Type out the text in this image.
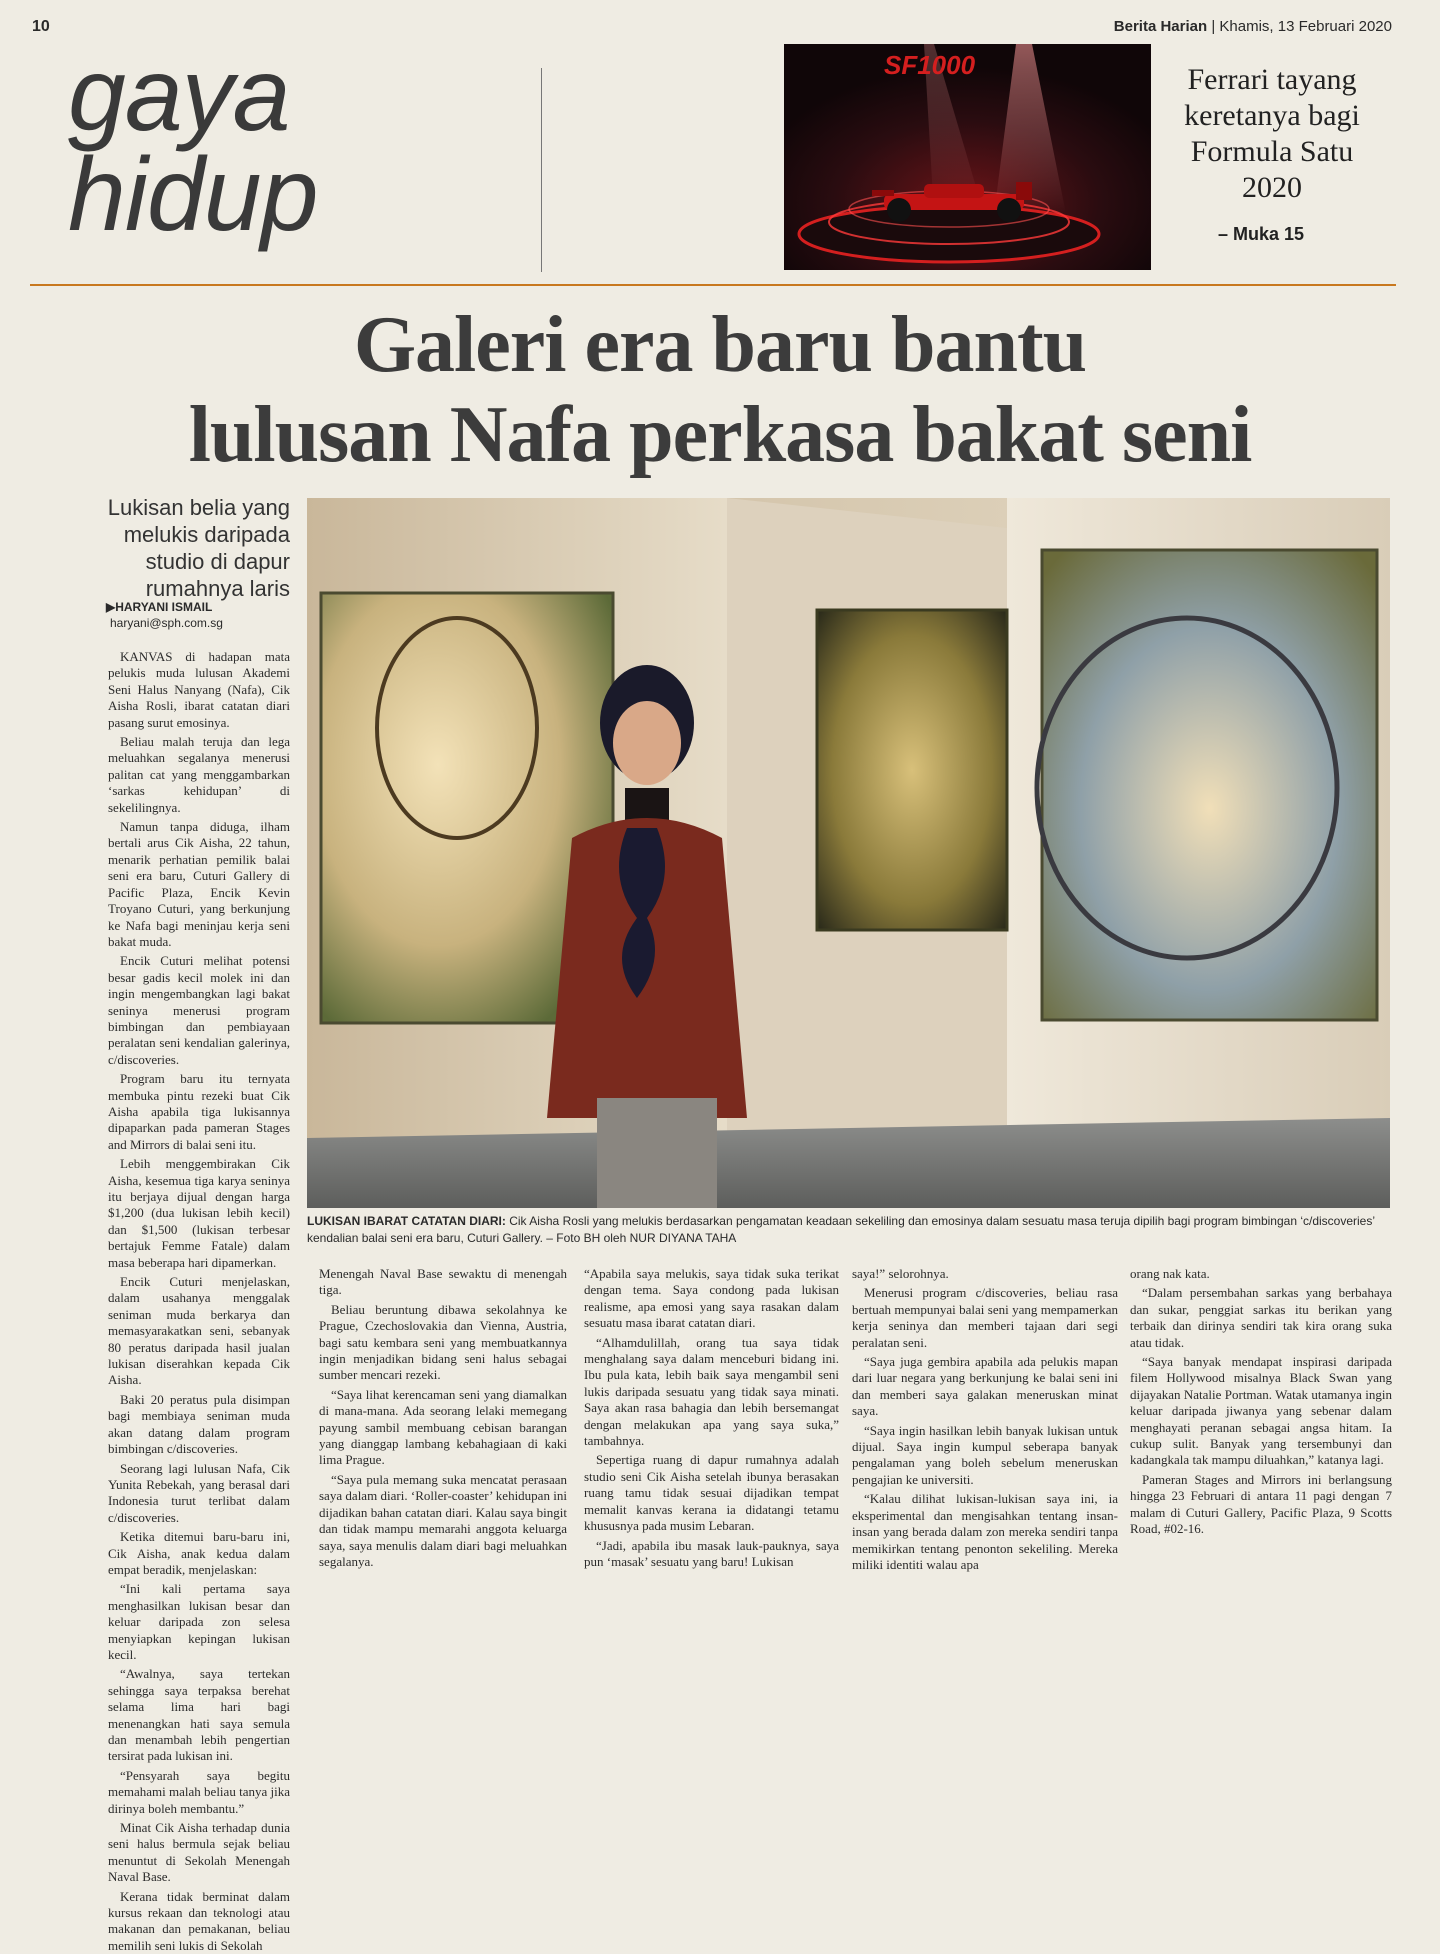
10	Berita Harian | Khamis, 13 Februari 2020
gaya
hidup
SF1000	Ferrari tayang keretanya bagi Formula Satu 2020
– Muka 15
Galeri era baru bantu
lulusan Nafa perkasa bakat seni
Lukisan belia yang melukis daripada studio di dapur rumahnya laris
▶HARYANI ISMAIL
haryani@sph.com.sg
LUKISAN IBARAT CATATAN DIARI: Cik Aisha Rosli yang melukis berdasarkan pengamatan keadaan sekeliling dan emosinya dalam sesuatu masa teruja dipilih bagi program bimbingan ‘c/discoveries’ kendalian balai seni era baru, Cuturi Gallery. – Foto BH oleh NUR DIYANA TAHA

KANVAS di hadapan mata pelukis muda lulusan Akademi Seni Halus Nanyang (Nafa), Cik Aisha Rosli, ibarat catatan diari pasang surut emosinya.

Beliau malah teruja dan lega meluahkan segalanya menerusi palitan cat yang menggambarkan ‘sarkas kehidupan’ di sekelilingnya.

Namun tanpa diduga, ilham bertali arus Cik Aisha, 22 tahun, menarik perhatian pemilik balai seni era baru, Cuturi Gallery di Pacific Plaza, Encik Kevin Troyano Cuturi, yang berkunjung ke Nafa bagi meninjau kerja seni bakat muda.

Encik Cuturi melihat potensi besar gadis kecil molek ini dan ingin mengembangkan lagi bakat seninya menerusi program bimbingan dan pembiayaan peralatan seni kendalian galerinya, c/discoveries.

Program baru itu ternyata membuka pintu rezeki buat Cik Aisha apabila tiga lukisannya dipaparkan pada pameran Stages and Mirrors di balai seni itu.

Lebih menggembirakan Cik Aisha, kesemua tiga karya seninya itu berjaya dijual dengan harga $1,200 (dua lukisan lebih kecil) dan $1,500 (lukisan terbesar bertajuk Femme Fatale) dalam masa beberapa hari dipamerkan.

Encik Cuturi menjelaskan, dalam usahanya menggalak seniman muda berkarya dan memasyarakatkan seni, sebanyak 80 peratus daripada hasil jualan lukisan diserahkan kepada Cik Aisha.

Baki 20 peratus pula disimpan bagi membiaya seniman muda akan datang dalam program bimbingan c/discoveries.

Seorang lagi lulusan Nafa, Cik Yunita Rebekah, yang berasal dari Indonesia turut terlibat dalam c/discoveries.

Ketika ditemui baru-baru ini, Cik Aisha, anak kedua dalam empat beradik, menjelaskan:

“Ini kali pertama saya menghasilkan lukisan besar dan keluar daripada zon selesa menyiapkan kepingan lukisan kecil.

“Awalnya, saya tertekan sehingga saya terpaksa berehat selama lima hari bagi menenangkan hati saya semula dan menambah lebih pengertian tersirat pada lukisan ini.

“Pensyarah saya begitu memahami malah beliau tanya jika dirinya boleh membantu.”

Minat Cik Aisha terhadap dunia seni halus bermula sejak beliau menuntut di Sekolah Menengah Naval Base.

Kerana tidak berminat dalam kursus rekaan dan teknologi atau makanan dan pemakanan, beliau memilih seni lukis di Sekolah

Menengah Naval Base sewaktu di menengah tiga.

Beliau beruntung dibawa sekolahnya ke Prague, Czechoslovakia dan Vienna, Austria, bagi satu kembara seni yang membuatkannya ingin menjadikan bidang seni halus sebagai sumber mencari rezeki.

“Saya lihat kerencaman seni yang diamalkan di mana-mana. Ada seorang lelaki memegang payung sambil membuang cebisan barangan yang dianggap lambang kebahagiaan di kaki lima Prague.

“Saya pula memang suka mencatat perasaan saya dalam diari. ‘Roller-coaster’ kehidupan ini dijadikan bahan catatan diari. Kalau saya bingit dan tidak mampu memarahi anggota keluarga saya, saya menulis dalam diari bagi meluahkan segalanya.

“Apabila saya melukis, saya tidak suka terikat dengan tema. Saya condong pada lukisan realisme, apa emosi yang saya rasakan dalam sesuatu masa ibarat catatan diari.

“Alhamdulillah, orang tua saya tidak menghalang saya dalam menceburi bidang ini. Ibu pula kata, lebih baik saya mengambil seni lukis daripada sesuatu yang tidak saya minati. Saya akan rasa bahagia dan lebih bersemangat dengan melakukan apa yang saya suka,” tambahnya.

Sepertiga ruang di dapur rumahnya adalah studio seni Cik Aisha setelah ibunya berasakan ruang tamu tidak sesuai dijadikan tempat memalit kanvas kerana ia didatangi tetamu khususnya pada musim Lebaran.

“Jadi, apabila ibu masak lauk-pauknya, saya pun ‘masak’ sesuatu yang baru! Lukisan

saya!” selorohnya.

Menerusi program c/discoveries, beliau rasa bertuah mempunyai balai seni yang mempamerkan kerja seninya dan memberi tajaan dari segi peralatan seni.

“Saya juga gembira apabila ada pelukis mapan dari luar negara yang berkunjung ke balai seni ini dan memberi saya galakan meneruskan minat saya.

“Saya ingin hasilkan lebih banyak lukisan untuk dijual. Saya ingin kumpul seberapa banyak pengalaman yang boleh sebelum meneruskan pengajian ke universiti.

“Kalau dilihat lukisan-lukisan saya ini, ia eksperimental dan mengisahkan tentang insan-insan yang berada dalam zon mereka sendiri tanpa memikirkan tentang penonton sekeliling. Mereka miliki identiti walau apa

orang nak kata.

“Dalam persembahan sarkas yang berbahaya dan sukar, penggiat sarkas itu berikan yang terbaik dan dirinya sendiri tak kira orang suka atau tidak.

“Saya banyak mendapat inspirasi daripada filem Hollywood misalnya Black Swan yang dijayakan Natalie Portman. Watak utamanya ingin keluar daripada jiwanya yang sebenar dalam menghayati peranan sebagai angsa hitam. Ia cukup sulit. Banyak yang tersembunyi dan kadangkala tak mampu diluahkan,” katanya lagi.

Pameran Stages and Mirrors ini berlangsung hingga 23 Februari di antara 11 pagi dengan 7 malam di Cuturi Gallery, Pacific Plaza, 9 Scotts Road, #02-16.
